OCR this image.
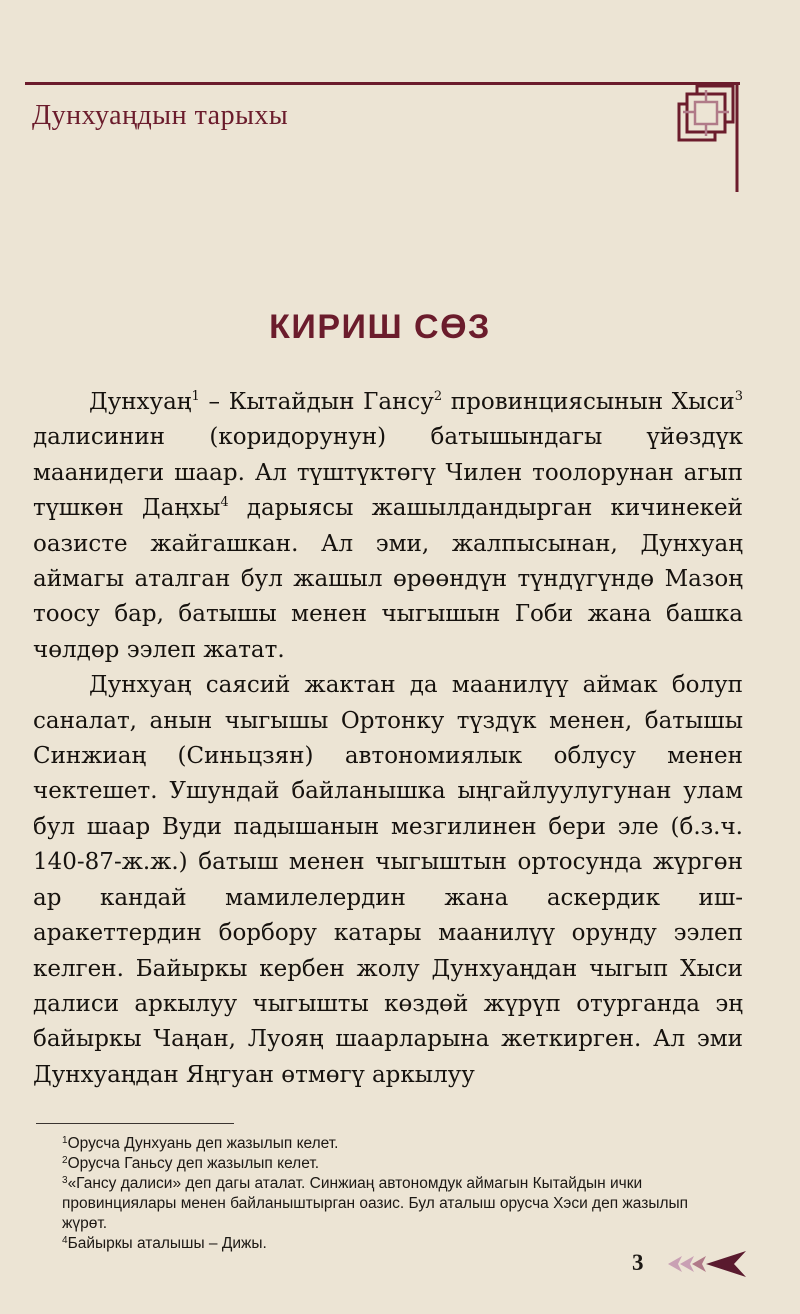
Дунхуаңдын тарыхы
КИРИШ СӨЗ

Дунхуаң$^1$ – Кытайдын Гансу$^2$ провинциясынын Хыси$^3$ далисинин (коридорунун) батышындагы үйөздүк маанидеги шаар. Ал түштүктөгү Чилен тоолорунан агып түшкөн Даңхы$^4$ дарыясы жашылдандырган кичинекей оазисте жайгашкан. Ал эми, жалпысынан, Дунхуаң аймагы аталган бул жашыл өрөөндүн түндүгүндө Мазоң тоосу бар, батышы менен чыгышын Гоби жана башка чөлдөр ээлеп жатат.

Дунхуаң саясий жактан да маанилүү аймак болуп саналат, анын чыгышы Ортонку түздүк менен, батышы Синжиаң (Синьцзян) автономиялык облусу менен чектешет. Ушундай байланышка ыңгайлуулугунан улам бул шаар Вуди падышанын мезгилинен бери эле (б.з.ч. 140-87-ж.ж.) батыш менен чыгыштын ортосунда жүргөн ар кандай мамилелердин жана аскердик иш-аракеттердин борбору катары маанилүү орунду ээлеп келген. Байыркы кербен жолу Дунхуаңдан чыгып Хыси далиси аркылуу чыгышты көздөй жүрүп отурганда эң байыркы Чаңан, Луояң шаарларына жеткирген. Ал эми Дунхуаңдан Яңгуан өтмөгү аркылуу

$^1$Орусча Дунхуань деп жазылып келет.

$^2$Орусча Ганьсу деп жазылып келет.

$^3$«Гансу далиси» деп дагы аталат. Синжиаң автономдук аймагын Кытайдын ички провинциялары менен байланыштырган оазис. Бул аталыш орусча Хэси деп жазылып жүрөт.

$^4$Байыркы аталышы – Дижы.

3
